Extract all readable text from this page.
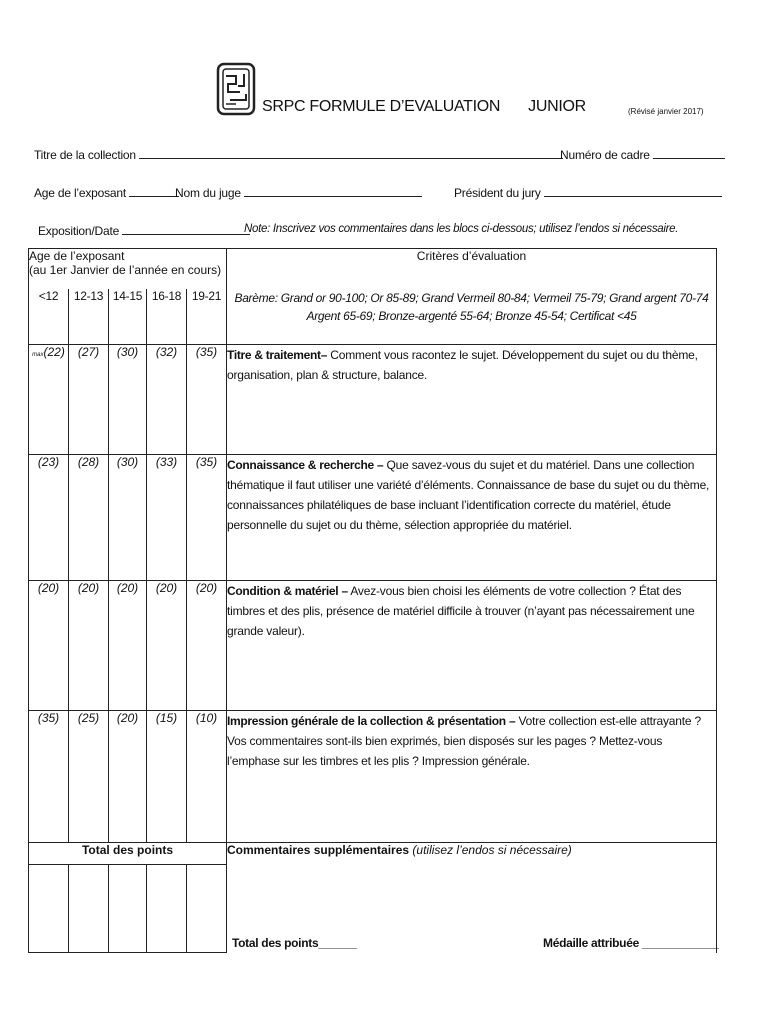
SRPC FORMULE D’EVALUATION JUNIOR	(Révisé janvier 2017)
Titre de la collection	Numéro de cadre
Age de l’exposant	Nom du juge	Président du jury
Exposition/Date	Note: Inscrivez vos commentaires dans les blocs ci-dessous; utilisez l’endos si nécessaire.
Age de l’exposant
(au 1er Janvier de l’année en cours)					Critères d’évaluation
<12	12-13	14-15	16-18	19-21	Barème: Grand or 90-100; Or 85-89; Grand Vermeil 80-84; Vermeil 75-79; Grand argent 70-74
Argent 65-69; Bronze-argenté 55-64; Bronze 45-54; Certificat <45

max(22)	(27)	(30)	(32)	(35)	Titre & traitement– Comment vous racontez le sujet. Développement du sujet ou du thème, organisation, plan & structure, balance.
(23)	(28)	(30)	(33)	(35)	Connaissance & recherche – Que savez-vous du sujet et du matériel. Dans une collection thématique il faut utiliser une variété d’éléments. Connaissance de base du sujet ou du thème, connaissances philatéliques de base incluant l’identification correcte du matériel, étude personnelle du sujet ou du thème, sélection appropriée du matériel.
(20)	(20)	(20)	(20)	(20)	Condition & matériel – Avez-vous bien choisi les éléments de votre collection ? État des timbres et des plis, présence de matériel difficile à trouver (n’ayant pas nécessairement une grande valeur).
(35)	(25)	(20)	(15)	(10)	Impression générale de la collection & présentation – Votre collection est-elle attrayante ? Vos commentaires sont-ils bien exprimés, bien disposés sur les pages ? Mettez-vous l’emphase sur les timbres et les plis ? Impression générale.
Total des points					Commentaires supplémentaires (utilisez l’endos si nécessaire)

Total des points______	Médaille attribuée ____________
